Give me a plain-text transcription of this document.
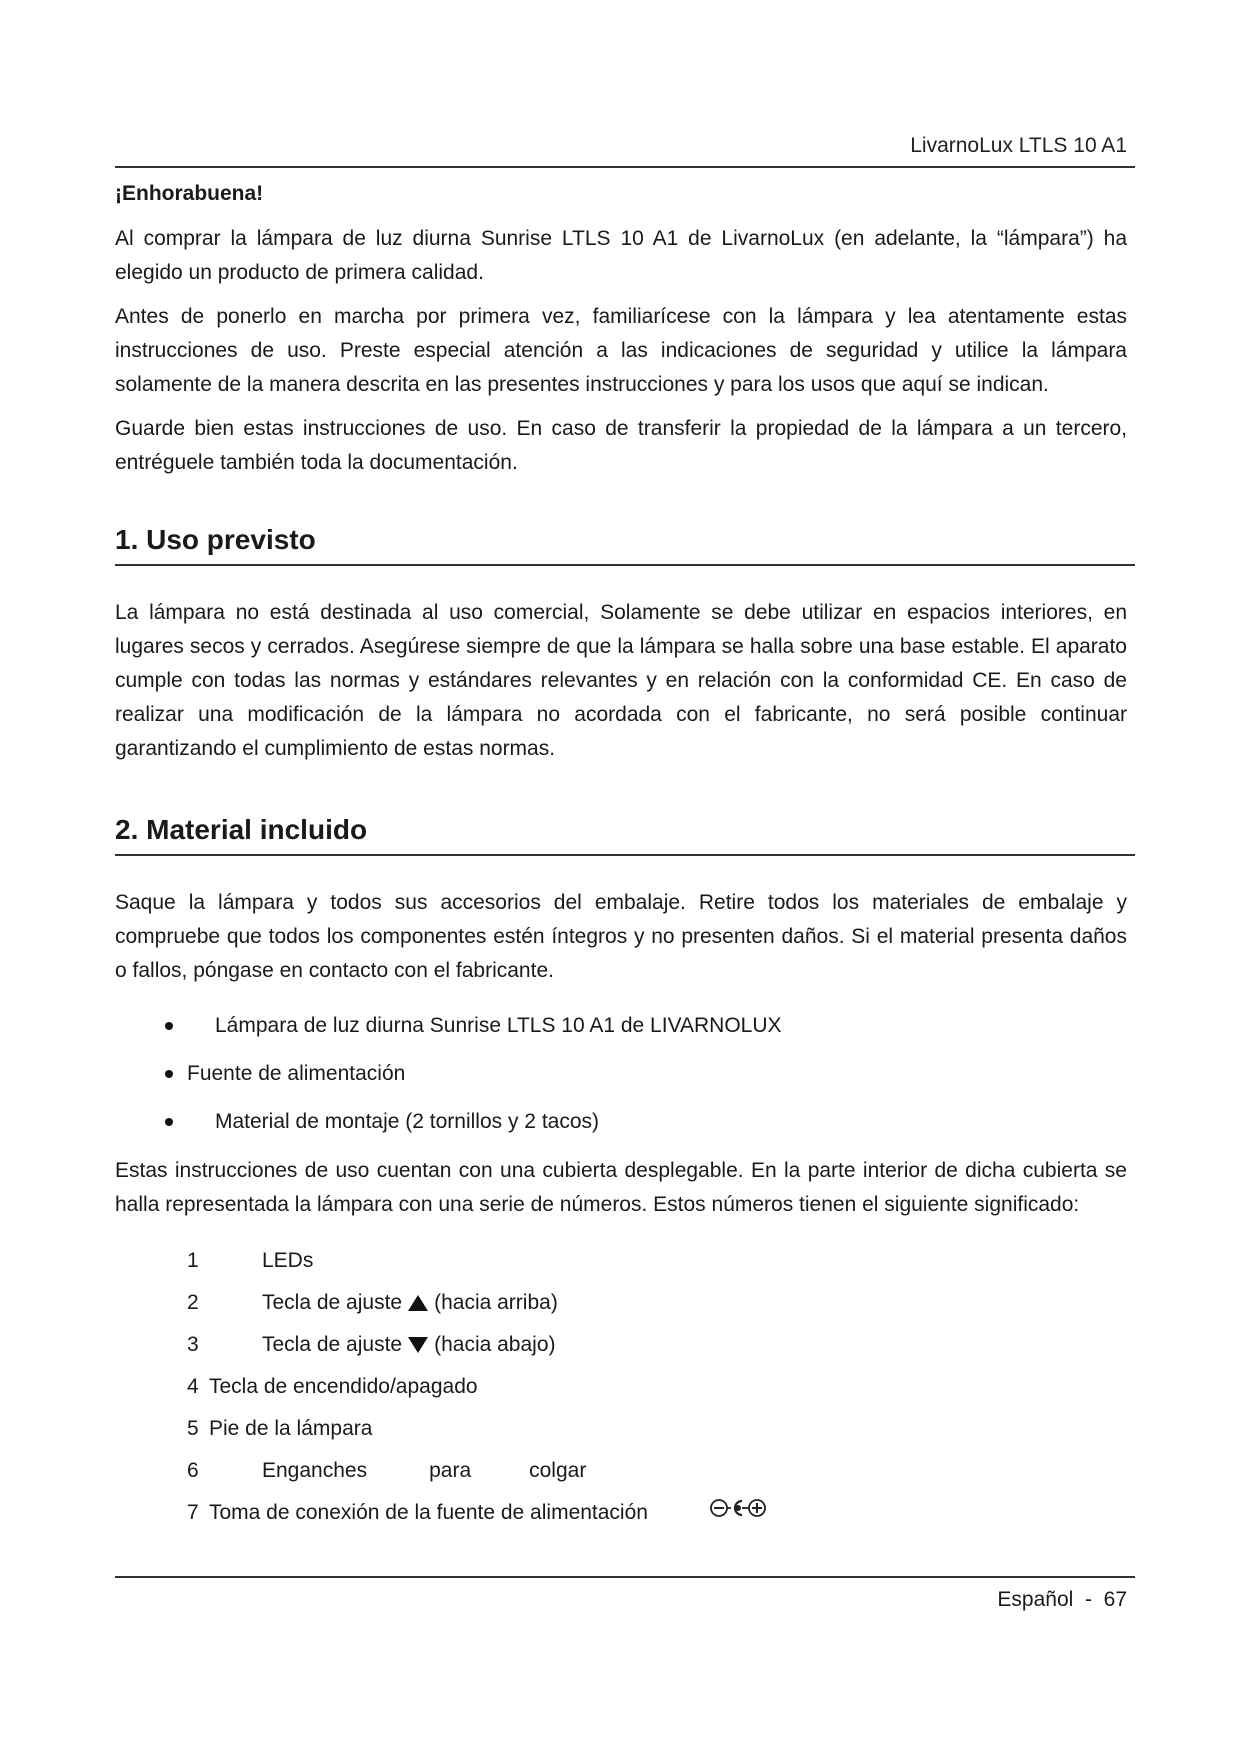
LivarnoLux LTLS 10 A1
¡Enhorabuena!

Al comprar la lámpara de luz diurna Sunrise LTLS 10 A1 de LivarnoLux (en adelante, la “lámpara”) ha elegido un producto de primera calidad.

Antes de ponerlo en marcha por primera vez, familiarícese con la lámpara y lea atentamente estas instrucciones de uso. Preste especial atención a las indicaciones de seguridad y utilice la lámpara solamente de la manera descrita en las presentes instrucciones y para los usos que aquí se indican.

Guarde bien estas instrucciones de uso. En caso de transferir la propiedad de la lámpara a un tercero, entréguele también toda la documentación.

1. Uso previsto

La lámpara no está destinada al uso comercial, Solamente se debe utilizar en espacios interiores, en lugares secos y cerrados. Asegúrese siempre de que la lámpara se halla sobre una base estable. El aparato cumple con todas las normas y estándares relevantes y en relación con la conformidad CE. En caso de realizar una modificación de la lámpara no acordada con el fabricante, no será posible continuar garantizando el cumplimiento de estas normas.

2. Material incluido

Saque la lámpara y todos sus accesorios del embalaje. Retire todos los materiales de embalaje y compruebe que todos los componentes estén íntegros y no presenten daños. Si el material presenta daños o fallos, póngase en contacto con el fabricante.

Lámpara de luz diurna Sunrise LTLS 10 A1 de LIVARNOLUX
Fuente de alimentación
Material de montaje (2 tornillos y 2 tacos)

Estas instrucciones de uso cuentan con una cubierta desplegable. En la parte interior de dicha cubierta se halla representada la lámpara con una serie de números. Estos números tienen el siguiente significado:

1	LEDs
2	Tecla de ajuste (hacia arriba)
3	Tecla de ajuste (hacia abajo)
4 Tecla de encendido/apagado
5 Pie de la lámpara
6	Enganches	para	colgar
7 Toma de conexión de la fuente de alimentación
Español - 67
